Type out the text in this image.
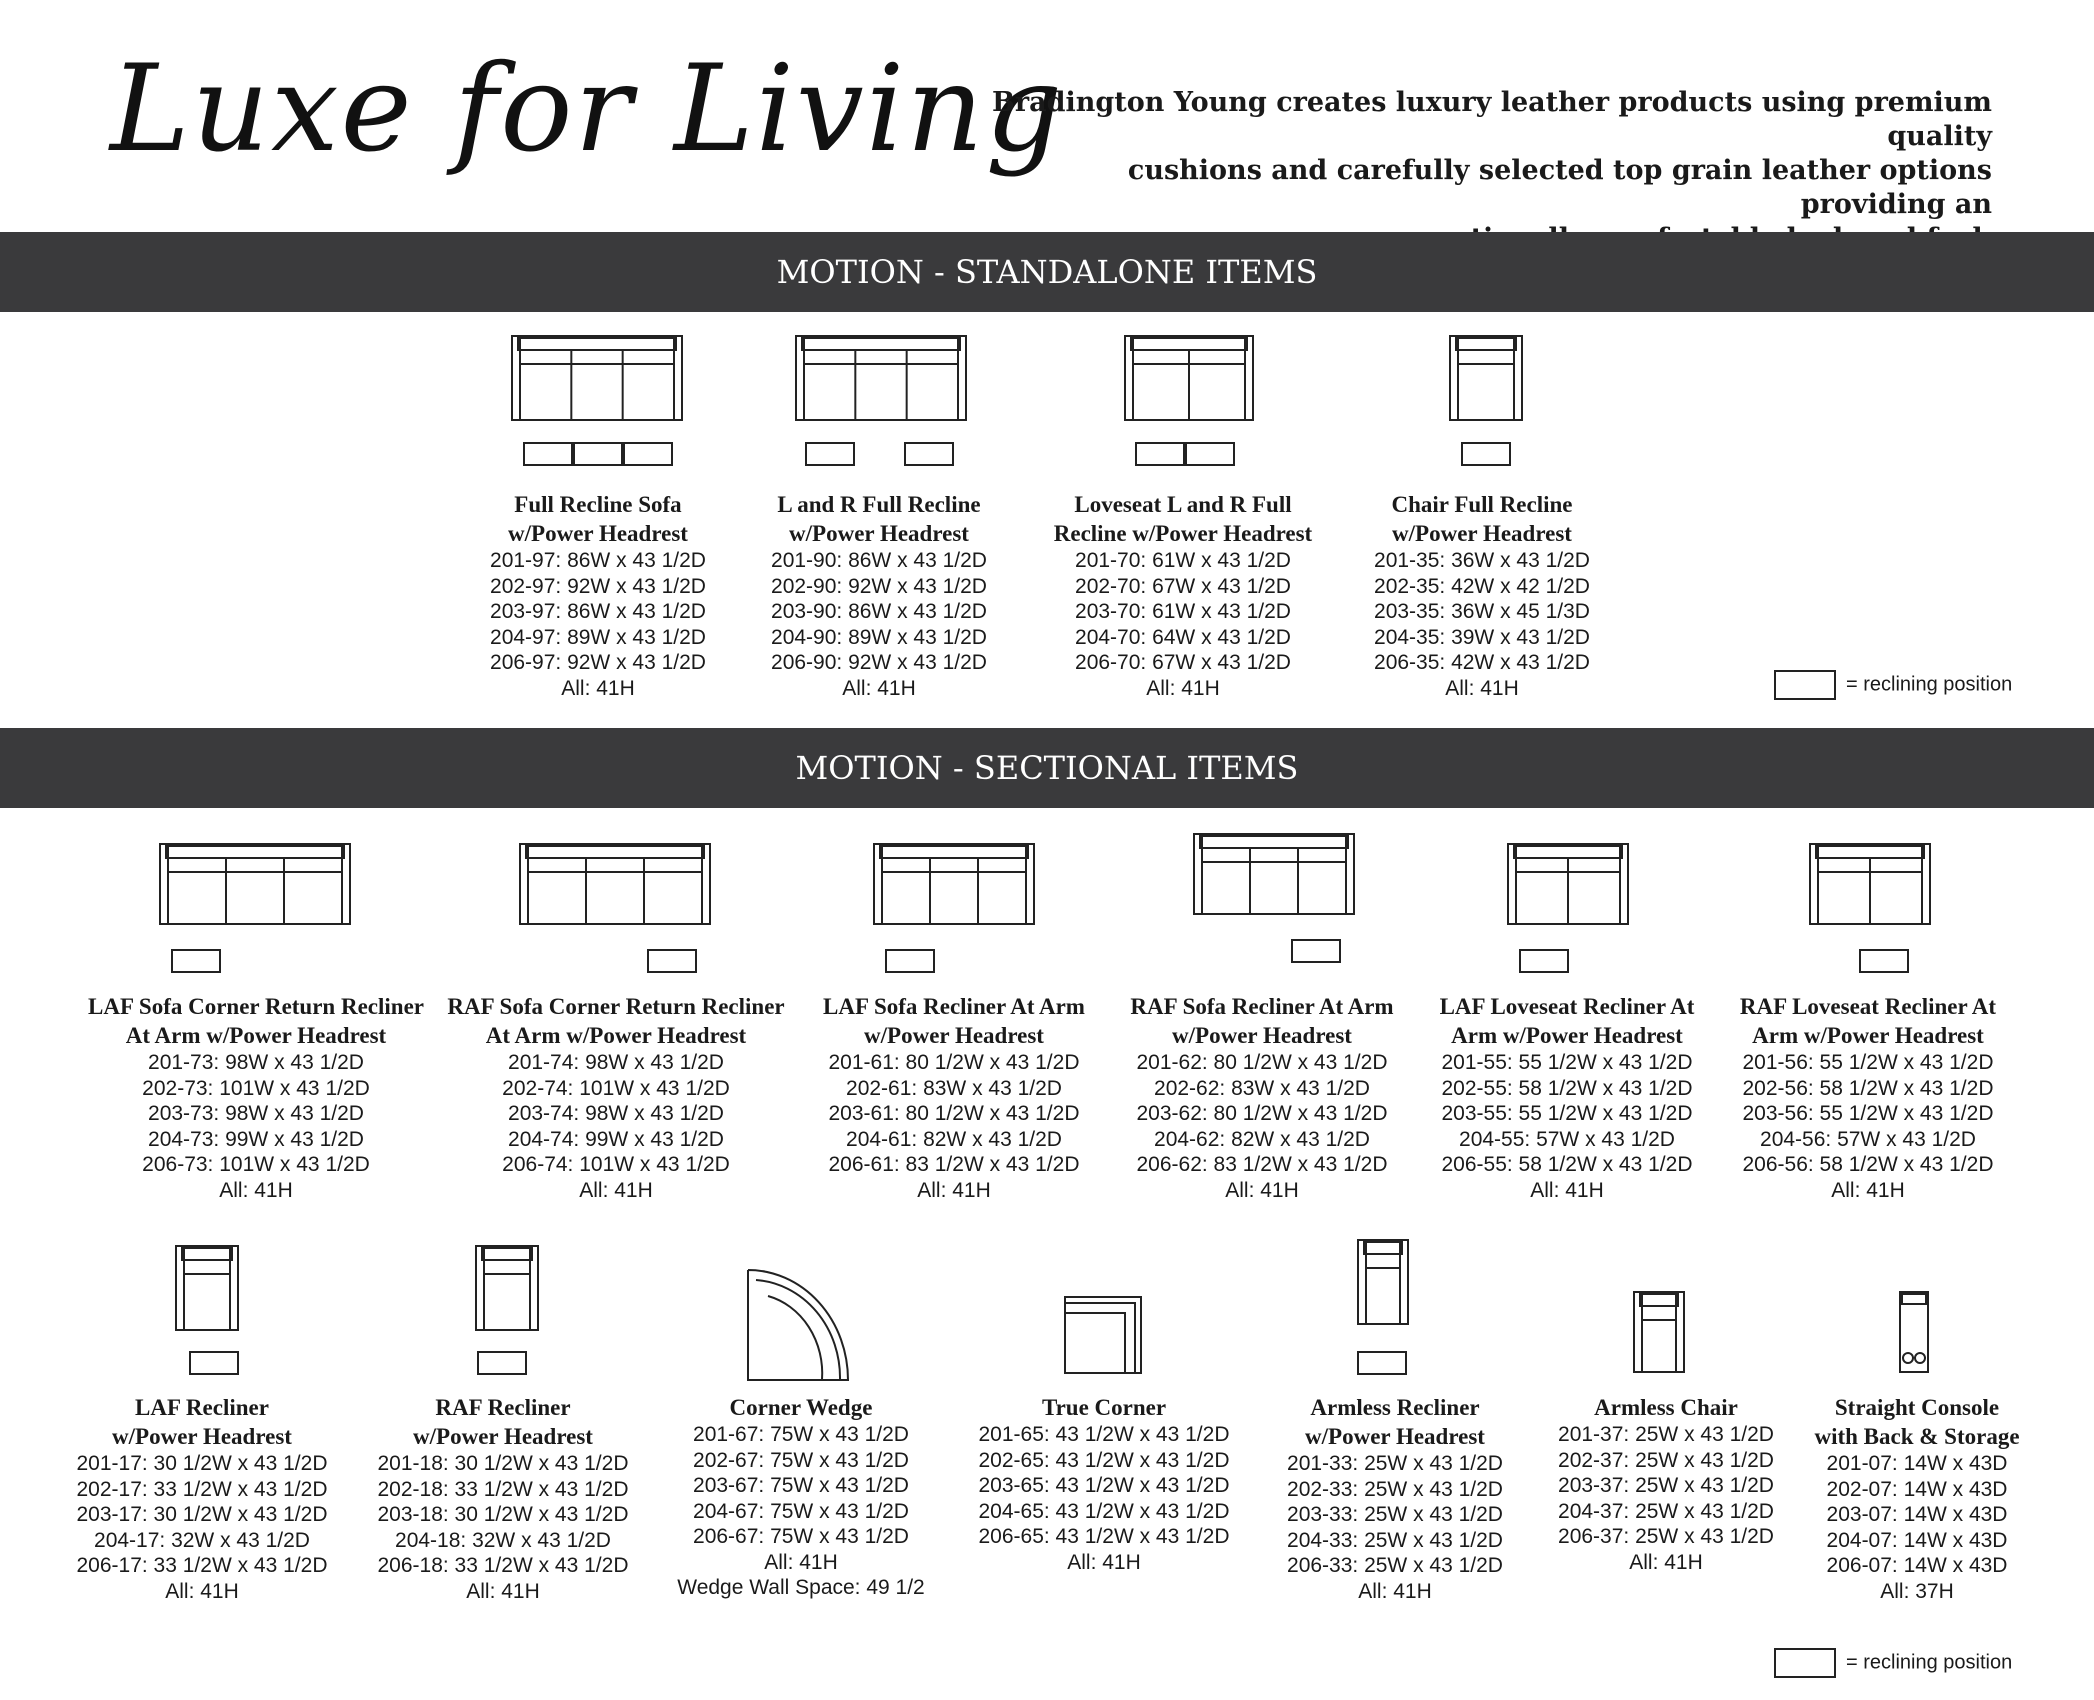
Luxe for Living
Bradington Young creates luxury leather products using premium quality
cushions and carefully selected top grain leather options providing an
MOTION - STANDALONE ITEMS
MOTION - SECTIONAL ITEMS
= reclining position
= reclining position
Full Recline Sofa
w/Power Headrest
201-97: 86W x 43 1/2D
202-97: 92W x 43 1/2D
203-97: 86W x 43 1/2D
204-97: 89W x 43 1/2D
206-97: 92W x 43 1/2D
All: 41H
L and R Full Recline
w/Power Headrest
201-90: 86W x 43 1/2D
202-90: 92W x 43 1/2D
203-90: 86W x 43 1/2D
204-90: 89W x 43 1/2D
206-90: 92W x 43 1/2D
All: 41H
Loveseat L and R Full
Recline w/Power Headrest
201-70: 61W x 43 1/2D
202-70: 67W x 43 1/2D
203-70: 61W x 43 1/2D
204-70: 64W x 43 1/2D
206-70: 67W x 43 1/2D
All: 41H
Chair Full Recline
w/Power Headrest
201-35: 36W x 43 1/2D
202-35: 42W x 42 1/2D
203-35: 36W x 45 1/3D
204-35: 39W x 43 1/2D
206-35: 42W x 43 1/2D
All: 41H
LAF Sofa Corner Return Recliner
At Arm w/Power Headrest
201-73: 98W x 43 1/2D
202-73: 101W x 43 1/2D
203-73: 98W x 43 1/2D
204-73: 99W x 43 1/2D
206-73: 101W x 43 1/2D
All: 41H
RAF Sofa Corner Return Recliner
At Arm w/Power Headrest
201-74: 98W x 43 1/2D
202-74: 101W x 43 1/2D
203-74: 98W x 43 1/2D
204-74: 99W x 43 1/2D
206-74: 101W x 43 1/2D
All: 41H
LAF Sofa Recliner At Arm
w/Power Headrest
201-61: 80 1/2W x 43 1/2D
202-61: 83W x 43 1/2D
203-61: 80 1/2W x 43 1/2D
204-61: 82W x 43 1/2D
206-61: 83 1/2W x 43 1/2D
All: 41H
RAF Sofa Recliner At Arm
w/Power Headrest
201-62: 80 1/2W x 43 1/2D
202-62: 83W x 43 1/2D
203-62: 80 1/2W x 43 1/2D
204-62: 82W x 43 1/2D
206-62: 83 1/2W x 43 1/2D
All: 41H
LAF Loveseat Recliner At
Arm w/Power Headrest
201-55: 55 1/2W x 43 1/2D
202-55: 58 1/2W x 43 1/2D
203-55: 55 1/2W x 43 1/2D
204-55: 57W x 43 1/2D
206-55: 58 1/2W x 43 1/2D
All: 41H
RAF Loveseat Recliner At
Arm w/Power Headrest
201-56: 55 1/2W x 43 1/2D
202-56: 58 1/2W x 43 1/2D
203-56: 55 1/2W x 43 1/2D
204-56: 57W x 43 1/2D
206-56: 58 1/2W x 43 1/2D
All: 41H
LAF Recliner
w/Power Headrest
201-17: 30 1/2W x 43 1/2D
202-17: 33 1/2W x 43 1/2D
203-17: 30 1/2W x 43 1/2D
204-17: 32W x 43 1/2D
206-17: 33 1/2W x 43 1/2D
All: 41H
RAF Recliner
w/Power Headrest
201-18: 30 1/2W x 43 1/2D
202-18: 33 1/2W x 43 1/2D
203-18: 30 1/2W x 43 1/2D
204-18: 32W x 43 1/2D
206-18: 33 1/2W x 43 1/2D
All: 41H
Corner Wedge
201-67: 75W x 43 1/2D
202-67: 75W x 43 1/2D
203-67: 75W x 43 1/2D
204-67: 75W x 43 1/2D
206-67: 75W x 43 1/2D
All: 41H
Wedge Wall Space: 49 1/2
True Corner
201-65: 43 1/2W x 43 1/2D
202-65: 43 1/2W x 43 1/2D
203-65: 43 1/2W x 43 1/2D
204-65: 43 1/2W x 43 1/2D
206-65: 43 1/2W x 43 1/2D
All: 41H
Armless Recliner
w/Power Headrest
201-33: 25W x 43 1/2D
202-33: 25W x 43 1/2D
203-33: 25W x 43 1/2D
204-33: 25W x 43 1/2D
206-33: 25W x 43 1/2D
All: 41H
Armless Chair
201-37: 25W x 43 1/2D
202-37: 25W x 43 1/2D
203-37: 25W x 43 1/2D
204-37: 25W x 43 1/2D
206-37: 25W x 43 1/2D
All: 41H
Straight Console
with Back & Storage
201-07: 14W x 43D
202-07: 14W x 43D
203-07: 14W x 43D
204-07: 14W x 43D
206-07: 14W x 43D
All: 37H
